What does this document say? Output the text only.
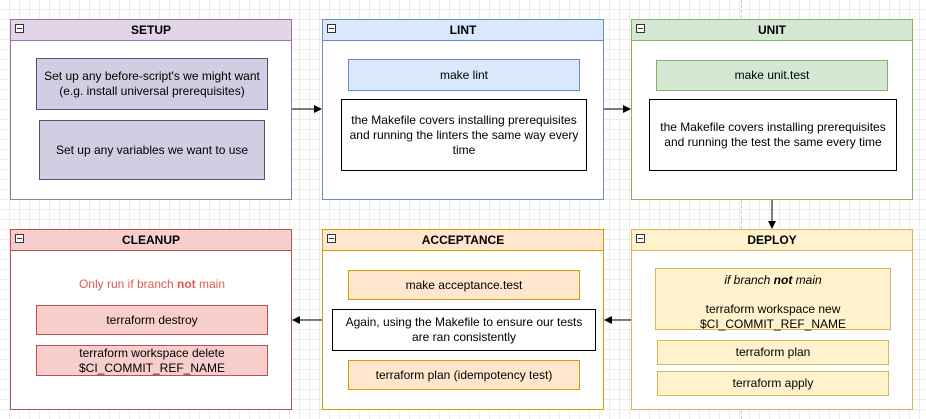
SETUP
Set up any before-script's we might want (e.g. install universal prerequisites)
Set up any variables we want to use
LINT
make lint
the Makefile covers installing prerequisites and running the linters the same way every time
UNIT
make unit.test
the Makefile covers installing prerequisites and running the test the same every time
CLEANUP
Only run if branch not main
terraform destroy
terraform workspace delete $CI_COMMIT_REF_NAME
ACCEPTANCE
make acceptance.test
Again, using the Makefile to ensure our tests are ran consistently
terraform plan (idempotency test)
DEPLOY
if branch not main
terraform workspace new $CI_COMMIT_REF_NAME
terraform plan
terraform apply
